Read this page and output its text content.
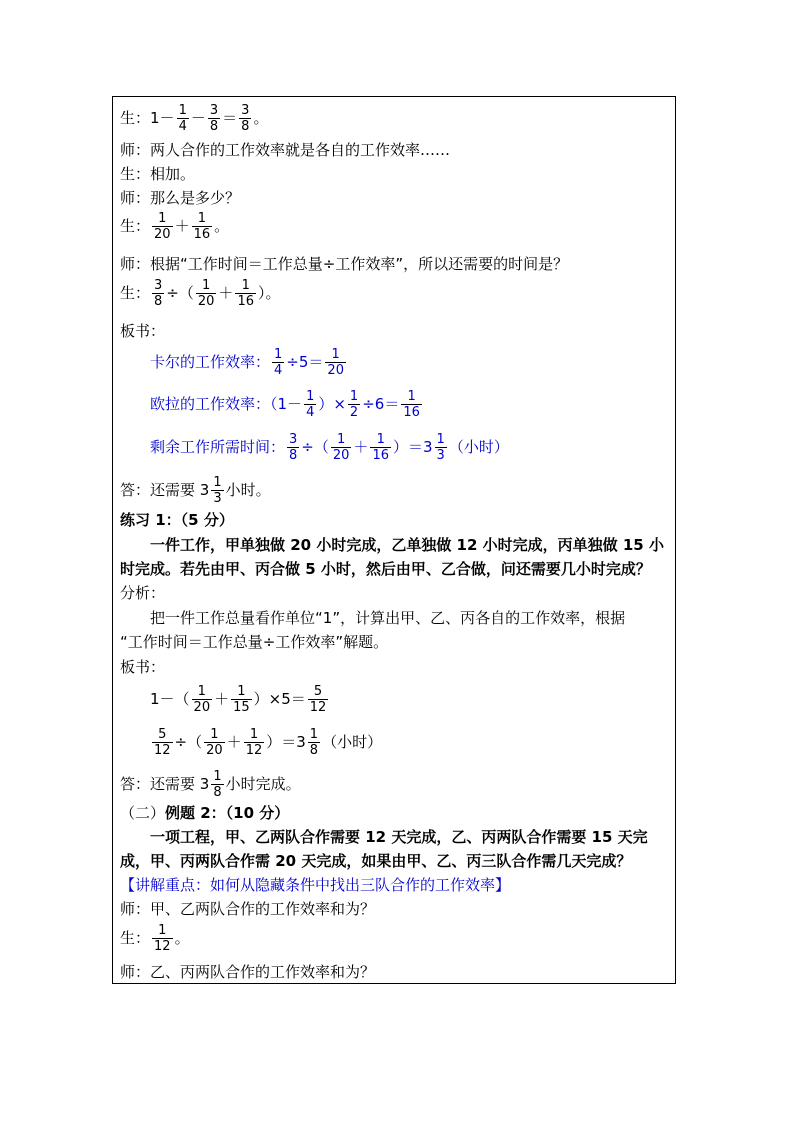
生：$1- \frac{1}{4} - \frac{3}{8} = \frac{3}{8}$ 。
师：两人合作的工作效率就是各自的工作效率……
生：相加。
师：那么是多少？
生： $\frac{1}{20} + \frac{1}{16}$ 。
师：根据“工作时间＝工作总量÷工作效率”，所以还需要的时间是？
生： $\frac{3}{8}$ ÷（ $\frac{1}{20} + \frac{1}{16}$ ）。
板书：
卡尔的工作效率： $\frac{1}{4} \div 5= \frac{1}{20}$
欧拉的工作效率：（$1- \frac{1}{4}$ ）× $\frac{1}{2} \div 6= \frac{1}{16}$
剩余工作所需时间： $\frac{3}{8}$ ÷（ $\frac{1}{20} + \frac{1}{16} )=3 \frac{1}{3}$ （小时）
答：还需要 $3 \frac{1}{3}$ 小时。
练习 1：（5 分）
一件工作，甲单独做 20 小时完成，乙单独做 12 小时完成，丙单独做 15 小
时完成。若先由甲、丙合做 5 小时，然后由甲、乙合做，问还需要几小时完成？
分析：
把一件工作总量看作单位“1”，计算出甲、乙、丙各自的工作效率，根据
“工作时间＝工作总量÷工作效率”解题。
板书：
$1-( \frac{1}{20} + \frac{1}{15} )\times 5= \frac{5}{12}$
$\frac{5}{12}$ ÷（ $\frac{1}{20} + \frac{1}{12} )=3 \frac{1}{8}$ （小时）
答：还需要 $3 \frac{1}{8}$ 小时完成。
（二）例题 2：（10 分）
一项工程，甲、乙两队合作需要 12 天完成，乙、丙两队合作需要 15 天完
成，甲、丙两队合作需 20 天完成，如果由甲、乙、丙三队合作需几天完成？
【讲解重点：如何从隐藏条件中找出三队合作的工作效率】
师：甲、乙两队合作的工作效率和为？
生： $\frac{1}{12}$ 。
师：乙、丙两队合作的工作效率和为？
